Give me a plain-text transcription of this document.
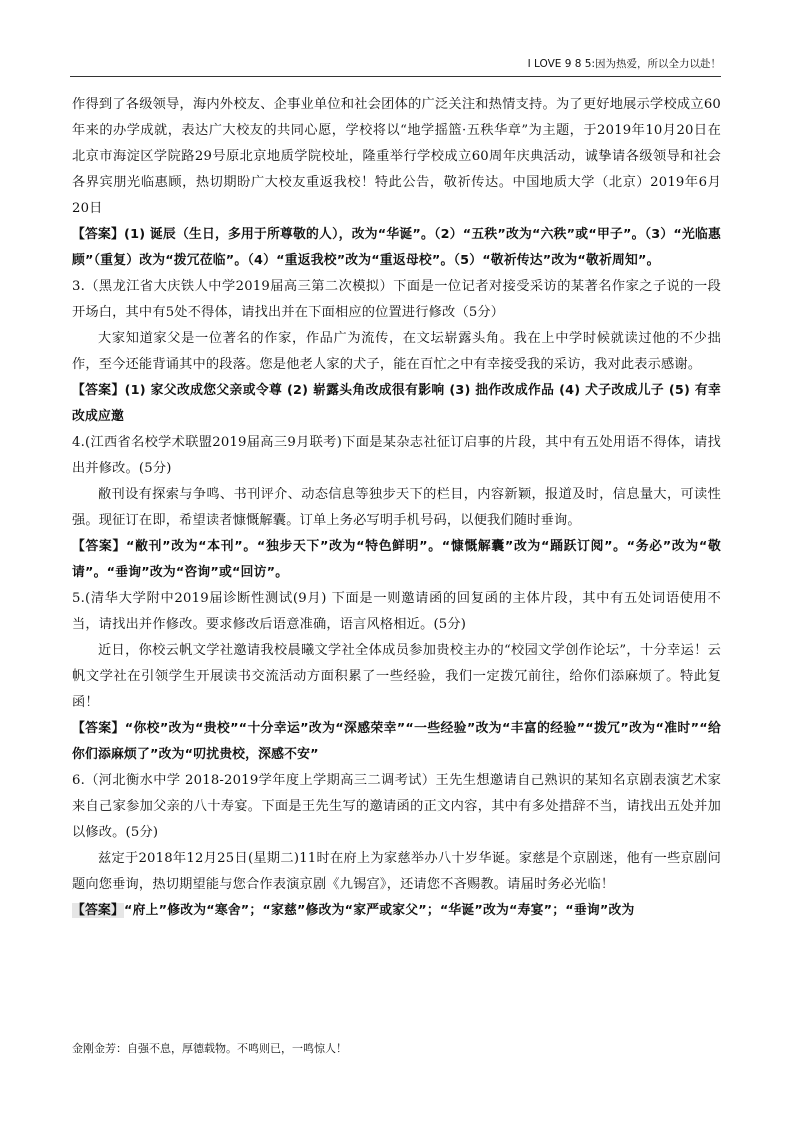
I LOVE 9 8 5:因为热爱，所以全力以赴！

作得到了各级领导，海内外校友、企事业单位和社会团体的广泛关注和热情支持。为了更好地展示学校成立60年来的办学成就，表达广大校友的共同心愿，学校将以“地学摇篮·五秩华章”为主题，于2019年10月20日在北京市海淀区学院路29号原北京地质学院校址，隆重举行学校成立60周年庆典活动，诚挚请各级领导和社会各界宾朋光临惠顾，热切期盼广大校友重返我校！特此公告，敬祈传达。中国地质大学（北京）2019年6月20日

【答案】(1) 诞辰（生日，多用于所尊敬的人），改为“华诞”。（2）“五秩”改为“六秩”或“甲子”。（3）“光临惠顾”（重复）改为“拨冗莅临”。（4）“重返我校”改为“重返母校”。（5）“敬祈传达”改为“敬祈周知”。

3.（黑龙江省大庆铁人中学2019届高三第二次模拟）下面是一位记者对接受采访的某著名作家之子说的一段开场白，其中有5处不得体，请找出并在下面相应的位置进行修改（5分）

大家知道家父是一位著名的作家，作品广为流传，在文坛崭露头角。我在上中学时候就读过他的不少拙作，至今还能背诵其中的段落。您是他老人家的犬子，能在百忙之中有幸接受我的采访，我对此表示感谢。

【答案】(1) 家父改成您父亲或令尊 (2) 崭露头角改成很有影响 (3) 拙作改成作品 (4) 犬子改成儿子 (5) 有幸改成应邀

4.(江西省名校学术联盟2019届高三9月联考)下面是某杂志社征订启事的片段，其中有五处用语不得体，请找出并修改。(5分)

敝刊设有探索与争鸣、书刊评介、动态信息等独步天下的栏目，内容新颖，报道及时，信息量大，可读性强。现征订在即，希望读者慷慨解囊。订单上务必写明手机号码，以便我们随时垂询。

【答案】“敝刊”改为“本刊”。“独步天下”改为“特色鲜明”。“慷慨解囊”改为“踊跃订阅”。“务必”改为“敬请”。“垂询”改为“咨询”或“回访”。

5.(清华大学附中2019届诊断性测试(9月) 下面是一则邀请函的回复函的主体片段，其中有五处词语使用不当，请找出并作修改。要求修改后语意准确，语言风格相近。(5分)

近日，你校云帆文学社邀请我校晨曦文学社全体成员参加贵校主办的“校园文学创作论坛”，十分幸运！云帆文学社在引领学生开展读书交流活动方面积累了一些经验，我们一定拨冗前往，给你们添麻烦了。特此复函！

【答案】“你校”改为“贵校”“十分幸运”改为“深感荣幸”“一些经验”改为“丰富的经验”“拨冗”改为“准时”“给你们添麻烦了”改为“叨扰贵校，深感不安”

6.（河北衡水中学 2018-2019学年度上学期高三二调考试）王先生想邀请自己熟识的某知名京剧表演艺术家来自己家参加父亲的八十寿宴。下面是王先生写的邀请函的正文内容，其中有多处措辞不当，请找出五处并加以修改。(5分)

兹定于2018年12月25日(星期二)11时在府上为家慈举办八十岁华诞。家慈是个京剧迷，他有一些京剧问题向您垂询，热切期望能与您合作表演京剧《九锡宫》，还请您不吝赐教。请届时务必光临！

【答案】“府上”修改为“寒舍”；“家慈”修改为“家严或家父”；“华诞”改为“寿宴”；“垂询”改为

金刚金芳：自强不息，厚德载物。不鸣则已，一鸣惊人！
